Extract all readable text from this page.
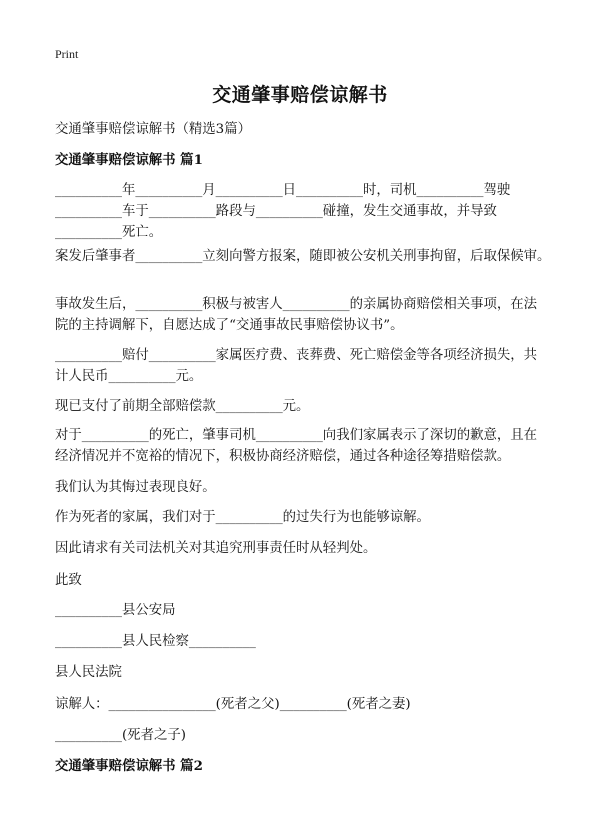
Print
交通肇事赔偿谅解书
交通肇事赔偿谅解书（精选3篇）
交通肇事赔偿谅解书 篇1
__________年__________月__________日__________时，司机__________驾驶
__________车于__________路段与__________碰撞，发生交通事故，并导致
__________死亡。
案发后肇事者__________立刻向警方报案，随即被公安机关刑事拘留，后取保候审。
事故发生后，__________积极与被害人__________的亲属协商赔偿相关事项，在法
院的主持调解下，自愿达成了“交通事故民事赔偿协议书”。
__________赔付__________家属医疗费、丧葬费、死亡赔偿金等各项经济损失，共
计人民币__________元。
现已支付了前期全部赔偿款__________元。
对于__________的死亡，肇事司机__________向我们家属表示了深切的歉意，且在
经济情况并不宽裕的情况下，积极协商经济赔偿，通过各种途径筹措赔偿款。
我们认为其悔过表现良好。
作为死者的家属，我们对于__________的过失行为也能够谅解。
因此请求有关司法机关对其追究刑事责任时从轻判处。
此致
__________县公安局
__________县人民检察__________
县人民法院
谅解人：________________(死者之父)__________(死者之妻)
__________(死者之子)
交通肇事赔偿谅解书 篇2
